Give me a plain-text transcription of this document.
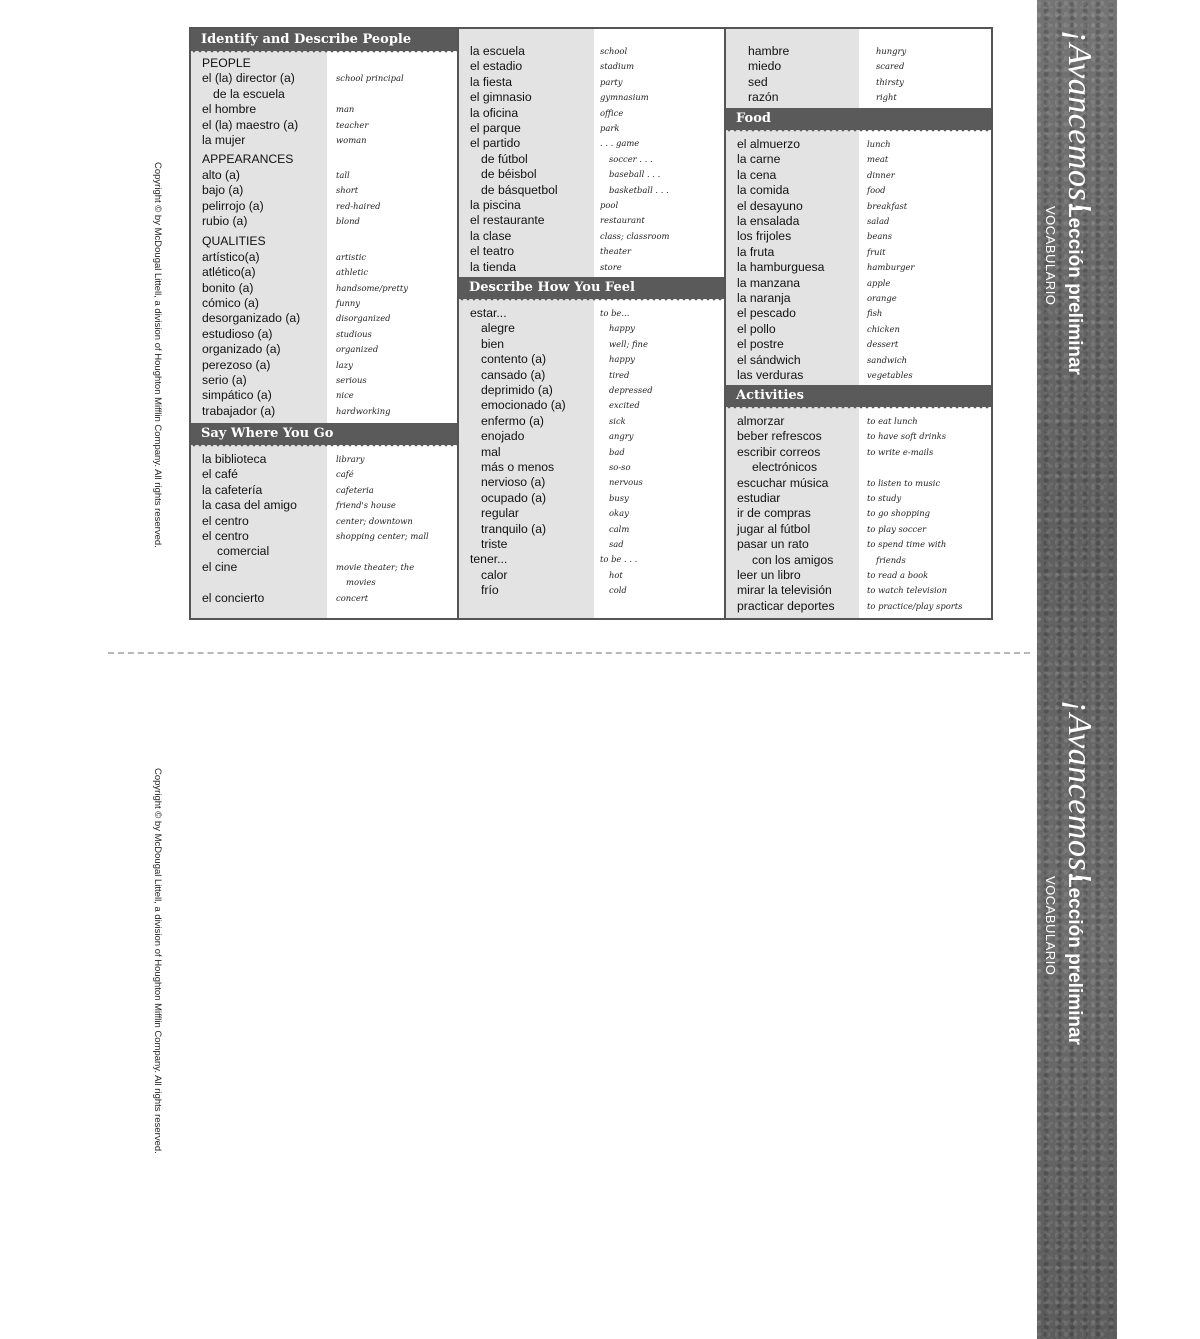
Copyright © by McDougal Littell, a division of Houghton Mifflin Company. All rights reserved.
Copyright © by McDougal Littell, a division of Houghton Mifflin Company. All rights reserved.
¡Avancemos!
Lección preliminar
VOCABULARIO
¡Avancemos!
Lección preliminar
VOCABULARIO
Identify and Describe People
PEOPLE
el (la) director (a)	school principal
de la escuela
el hombre	man
el (la) maestro (a)	teacher
la mujer	woman
APPEARANCES
alto (a)	tall
bajo (a)	short
pelirrojo (a)	red-haired
rubio (a)	blond
QUALITIES
artístico(a)	artistic
atlético(a)	athletic
bonito (a)	handsome/pretty
cómico (a)	funny
desorganizado (a)	disorganized
estudioso (a)	studious
organizado (a)	organized
perezoso (a)	lazy
serio (a)	serious
simpático (a)	nice
trabajador (a)	hardworking
Say Where You Go
la biblioteca	library
el café	café
la cafetería	cafeteria
la casa del amigo	friend's house
el centro	center; downtown
el centro	shopping center; mall
comercial
el cine	movie theater; the
movies
el concierto	concert
la escuela	school
el estadio	stadium
la fiesta	party
el gimnasio	gymnasium
la oficina	office
el parque	park
el partido	. . . game
de fútbol	soccer . . .
de béisbol	baseball . . .
de básquetbol	basketball . . .
la piscina	pool
el restaurante	restaurant
la clase	class; classroom
el teatro	theater
la tienda	store
Describe How You Feel
estar...	to be...
alegre	happy
bien	well; fine
contento (a)	happy
cansado (a)	tired
deprimido (a)	depressed
emocionado (a)	excited
enfermo (a)	sick
enojado	angry
mal	bad
más o menos	so-so
nervioso (a)	nervous
ocupado (a)	busy
regular	okay
tranquilo (a)	calm
triste	sad
tener...	to be . . .
calor	hot
frío	cold
hambre	hungry
miedo	scared
sed	thirsty
razón	right
Food
el almuerzo	lunch
la carne	meat
la cena	dinner
la comida	food
el desayuno	breakfast
la ensalada	salad
los frijoles	beans
la fruta	fruit
la hamburguesa	hamburger
la manzana	apple
la naranja	orange
el pescado	fish
el pollo	chicken
el postre	dessert
el sándwich	sandwich
las verduras	vegetables
Activities
almorzar	to eat lunch
beber refrescos	to have soft drinks
escribir correos	to write e-mails
electrónicos
escuchar música	to listen to music
estudiar	to study
ir de compras	to go shopping
jugar al fútbol	to play soccer
pasar un rato	to spend time with
con los amigos	friends
leer un libro	to read a book
mirar la televisión	to watch television
practicar deportes	to practice/play sports
